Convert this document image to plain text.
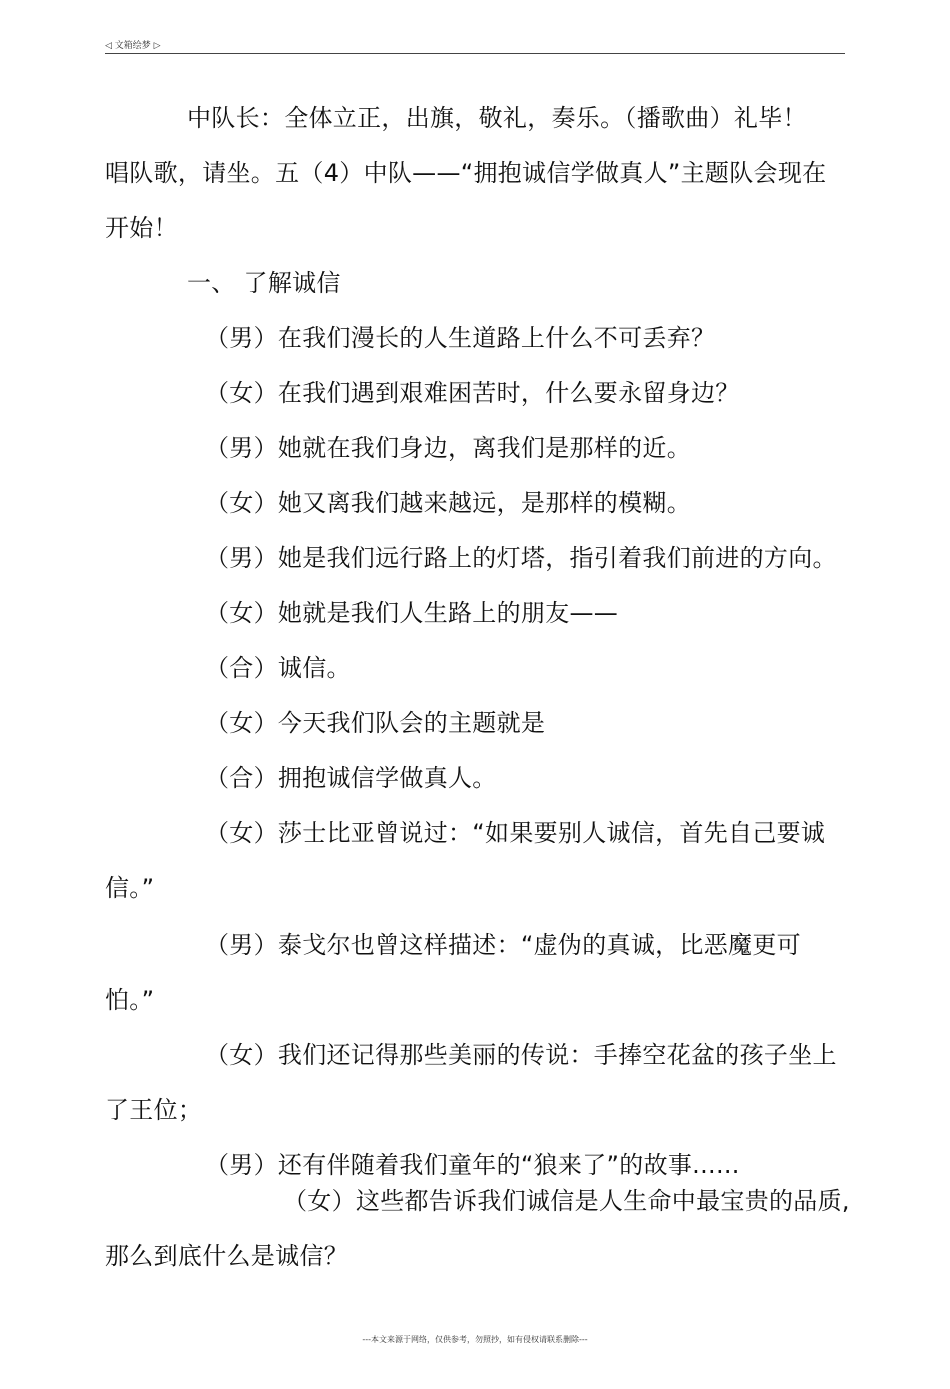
◁ 文箱绘梦 ▷
中队长：全体立正，出旗，敬礼，奏乐。（播歌曲）礼毕！
唱队歌，请坐。五（4）中队——“拥抱诚信学做真人”主题队会现在
开始！
一、 了解诚信
（男）在我们漫长的人生道路上什么不可丢弃？
（女）在我们遇到艰难困苦时，什么要永留身边？
（男）她就在我们身边，离我们是那样的近。
（女）她又离我们越来越远，是那样的模糊。
（男）她是我们远行路上的灯塔，指引着我们前进的方向。
（女）她就是我们人生路上的朋友——
（合）诚信。
（女）今天我们队会的主题就是
（合）拥抱诚信学做真人。
（女）莎士比亚曾说过：“如果要别人诚信，首先自己要诚
信。”
（男）泰戈尔也曾这样描述：“虚伪的真诚，比恶魔更可
怕。”
（女）我们还记得那些美丽的传说：手捧空花盆的孩子坐上
了王位；
（男）还有伴随着我们童年的“狼来了”的故事......
（女）这些都告诉我们诚信是人生命中最宝贵的品质,
那么到底什么是诚信？
---本文来源于网络，仅供参考，勿照抄，如有侵权请联系删除---
